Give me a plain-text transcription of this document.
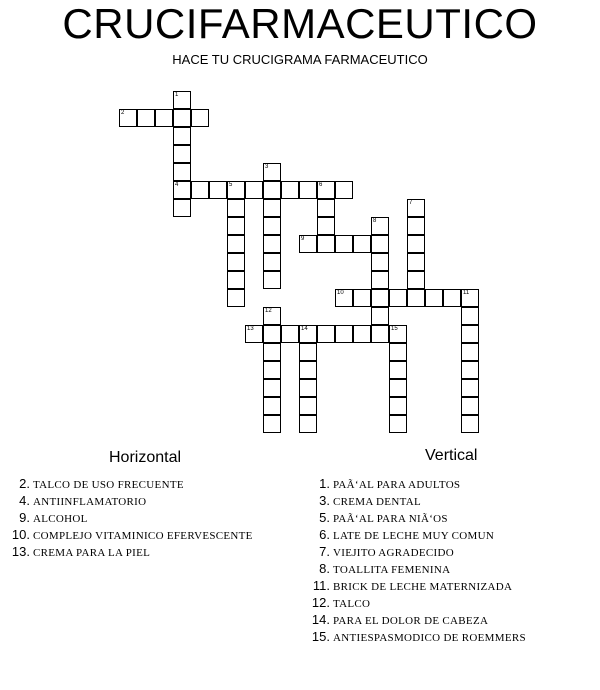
CRUCIFARMACEUTICO
HACE TU CRUCIGRAMA FARMACEUTICO
1
4
2
3
5	6
7
8
9
10	11
12
13	14	15
Horizontal	Vertical
2. TALCO DE USO FRECUENTE
4. ANTIINFLAMATORIO
9. ALCOHOL
10. COMPLEJO VITAMINICO EFERVESCENTE
13. CREMA PARA LA PIEL
1. PAÃ‘AL PARA ADULTOS
3. CREMA DENTAL
5. PAÃ‘AL PARA NIÃ‘OS
6. LATE DE LECHE MUY COMUN
7. VIEJITO AGRADECIDO
8. TOALLITA FEMENINA
11. BRICK DE LECHE MATERNIZADA
12. TALCO
14. PARA EL DOLOR DE CABEZA
15. ANTIESPASMODICO DE ROEMMERS
